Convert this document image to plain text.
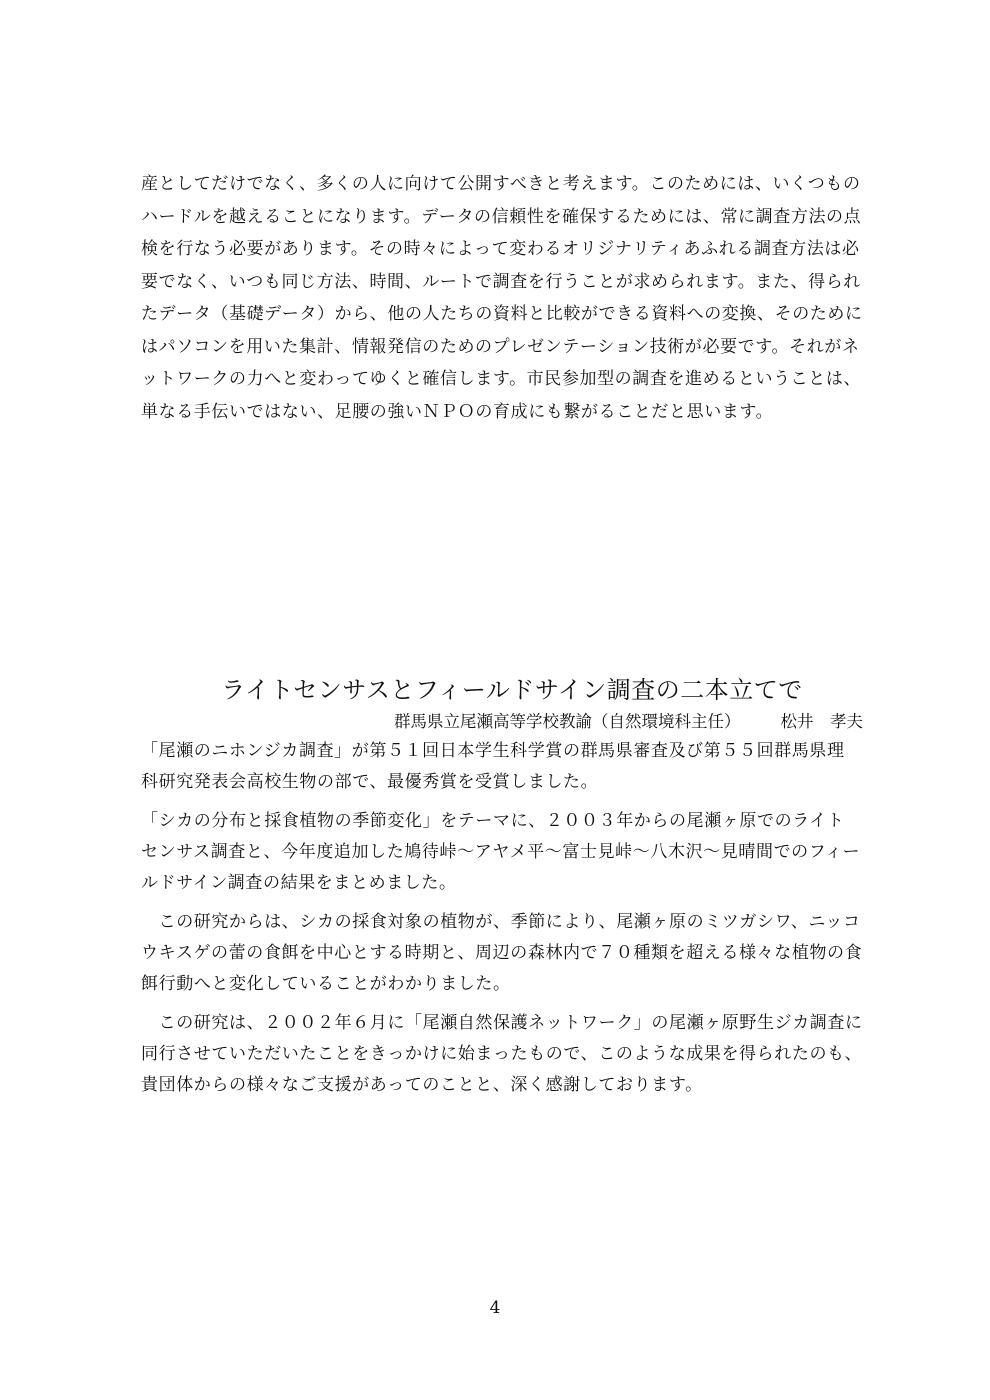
産としてだけでなく、多くの人に向けて公開すべきと考えます。このためには、いくつもの
ハードルを越えることになります。データの信頼性を確保するためには、常に調査方法の点
検を行なう必要があります。その時々によって変わるオリジナリティあふれる調査方法は必
要でなく、いつも同じ方法、時間、ルートで調査を行うことが求められます。また、得られ
たデータ（基礎データ）から、他の人たちの資料と比較ができる資料への変換、そのために
はパソコンを用いた集計、情報発信のためのプレゼンテーション技術が必要です。それがネ
ットワークの力へと変わってゆくと確信します。市民参加型の調査を進めるということは、
単なる手伝いではない、足腰の強いＮＰＯの育成にも繋がることだと思います。
ライトセンサスとフィールドサイン調査の二本立てで
群馬県立尾瀬高等学校教諭（自然環境科主任） 松井　孝夫
「尾瀬のニホンジカ調査」が第５１回日本学生科学賞の群馬県審査及び第５５回群馬県理
科研究発表会高校生物の部で、最優秀賞を受賞しました。
「シカの分布と採食植物の季節変化」をテーマに、２００３年からの尾瀬ヶ原でのライト
センサス調査と、今年度追加した鳩待峠～アヤメ平～富士見峠～八木沢～見晴間でのフィー
ルドサイン調査の結果をまとめました。
　この研究からは、シカの採食対象の植物が、季節により、尾瀬ヶ原のミツガシワ、ニッコ
ウキスゲの蕾の食餌を中心とする時期と、周辺の森林内で７０種類を超える様々な植物の食
餌行動へと変化していることがわかりました。
　この研究は、２００２年６月に「尾瀬自然保護ネットワーク」の尾瀬ヶ原野生ジカ調査に
同行させていただいたことをきっかけに始まったもので、このような成果を得られたのも、
貴団体からの様々なご支援があってのことと、深く感謝しております。
4
